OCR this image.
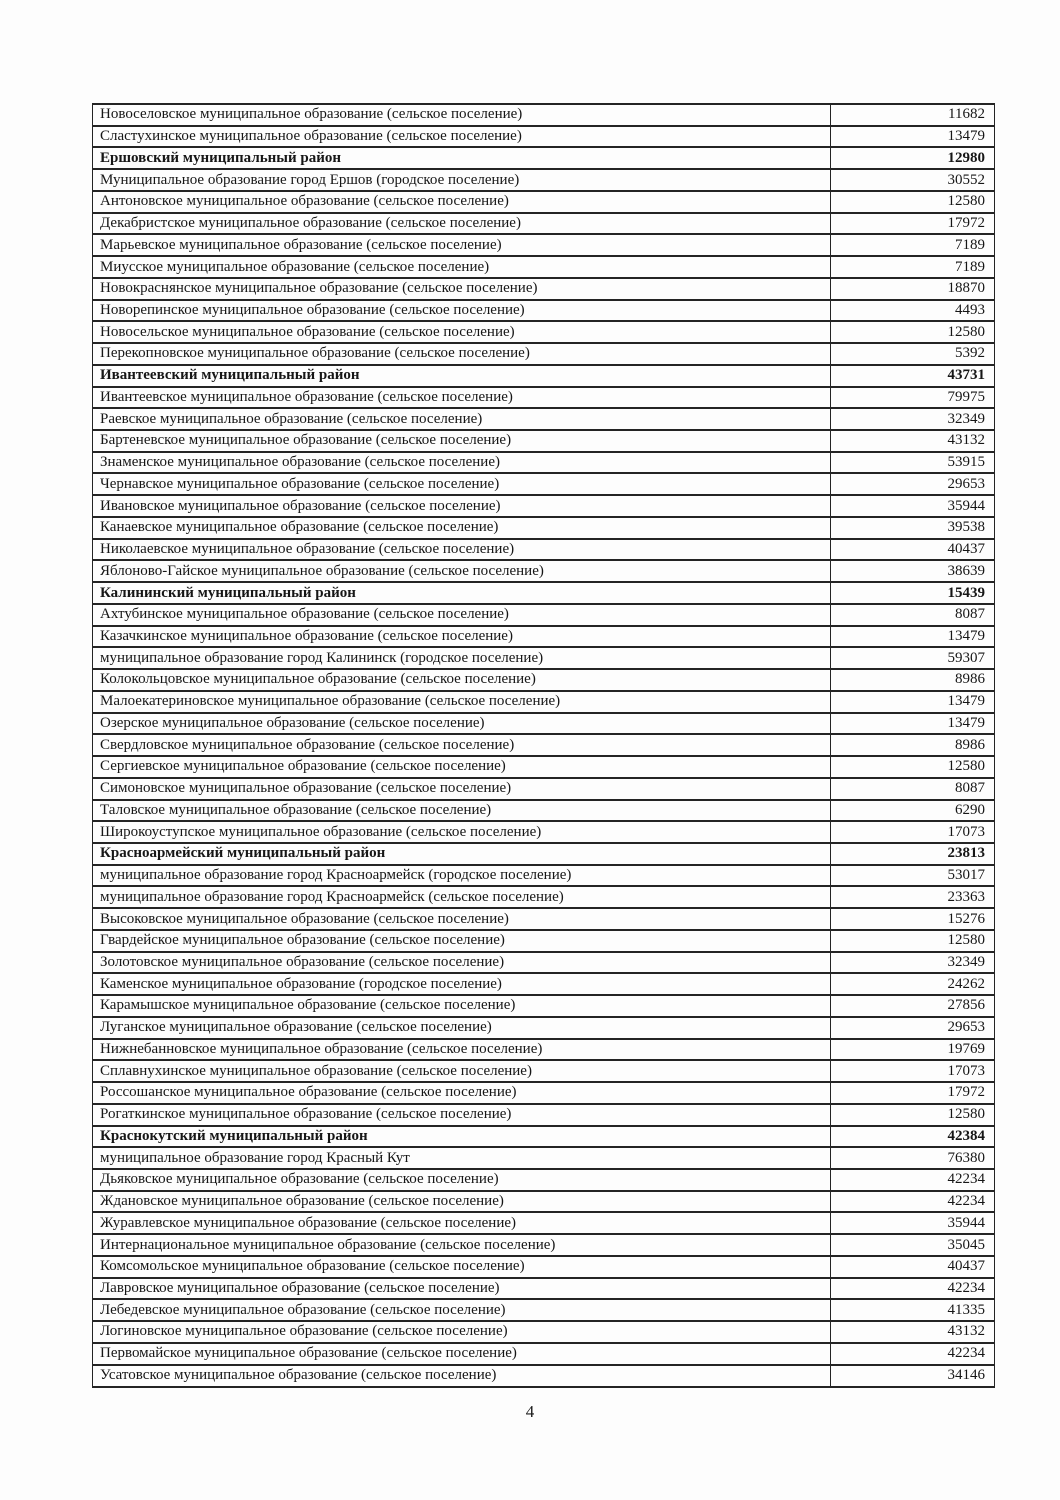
Новоселовское муниципальное образование (сельское поселение)	11682
Сластухинское муниципальное образование (сельское поселение)	13479
Ершовский муниципальный район	12980
Муниципальное образование город Ершов (городское поселение)	30552
Антоновское муниципальное образование (сельское поселение)	12580
Декабристское муниципальное образование (сельское поселение)	17972
Марьевское муниципальное образование (сельское поселение)	7189
Миусское муниципальное образование (сельское поселение)	7189
Новокраснянское муниципальное образование (сельское поселение)	18870
Новорепинское муниципальное образование (сельское поселение)	4493
Новосельское муниципальное образование (сельское поселение)	12580
Перекопновское муниципальное образование (сельское поселение)	5392
Ивантеевский муниципальный район	43731
Ивантеевское муниципальное образование (сельское поселение)	79975
Раевское муниципальное образование (сельское поселение)	32349
Бартеневское муниципальное образование (сельское поселение)	43132
Знаменское муниципальное образование (сельское поселение)	53915
Чернавское муниципальное образование (сельское поселение)	29653
Ивановское муниципальное образование (сельское поселение)	35944
Канаевское муниципальное образование (сельское поселение)	39538
Николаевское муниципальное образование (сельское поселение)	40437
Яблоново-Гайское муниципальное образование (сельское поселение)	38639
Калининский муниципальный район	15439
Ахтубинское муниципальное образование (сельское поселение)	8087
Казачкинское муниципальное образование (сельское поселение)	13479
муниципальное образование город Калининск (городское поселение)	59307
Колокольцовское муниципальное образование (сельское поселение)	8986
Малоекатериновское муниципальное образование (сельское поселение)	13479
Озерское муниципальное образование (сельское поселение)	13479
Свердловское муниципальное образование (сельское поселение)	8986
Сергиевское муниципальное образование (сельское поселение)	12580
Симоновское муниципальное образование (сельское поселение)	8087
Таловское муниципальное образование (сельское поселение)	6290
Широкоуступское муниципальное образование (сельское поселение)	17073
Красноармейский муниципальный район	23813
муниципальное образование город Красноармейск (городское поселение)	53017
муниципальное образование город Красноармейск (сельское поселение)	23363
Высоковское муниципальное образование (сельское поселение)	15276
Гвардейское муниципальное образование (сельское поселение)	12580
Золотовское муниципальное образование (сельское поселение)	32349
Каменское муниципальное образование (городское поселение)	24262
Карамышское муниципальное образование (сельское поселение)	27856
Луганское муниципальное образование (сельское поселение)	29653
Нижнебанновское муниципальное образование (сельское поселение)	19769
Сплавнухинское муниципальное образование (сельское поселение)	17073
Россошанское муниципальное образование (сельское поселение)	17972
Рогаткинское муниципальное образование (сельское поселение)	12580
Краснокутский муниципальный район	42384
муниципальное образование город Красный Кут	76380
Дьяковское муниципальное образование (сельское поселение)	42234
Ждановское муниципальное образование (сельское поселение)	42234
Журавлевское муниципальное образование (сельское поселение)	35944
Интернациональное муниципальное образование (сельское поселение)	35045
Комсомольское муниципальное образование (сельское поселение)	40437
Лавровское муниципальное образование (сельское поселение)	42234
Лебедевское муниципальное образование (сельское поселение)	41335
Логиновское муниципальное образование (сельское поселение)	43132
Первомайское муниципальное образование (сельское поселение)	42234
Усатовское муниципальное образование (сельское поселение)	34146
4
